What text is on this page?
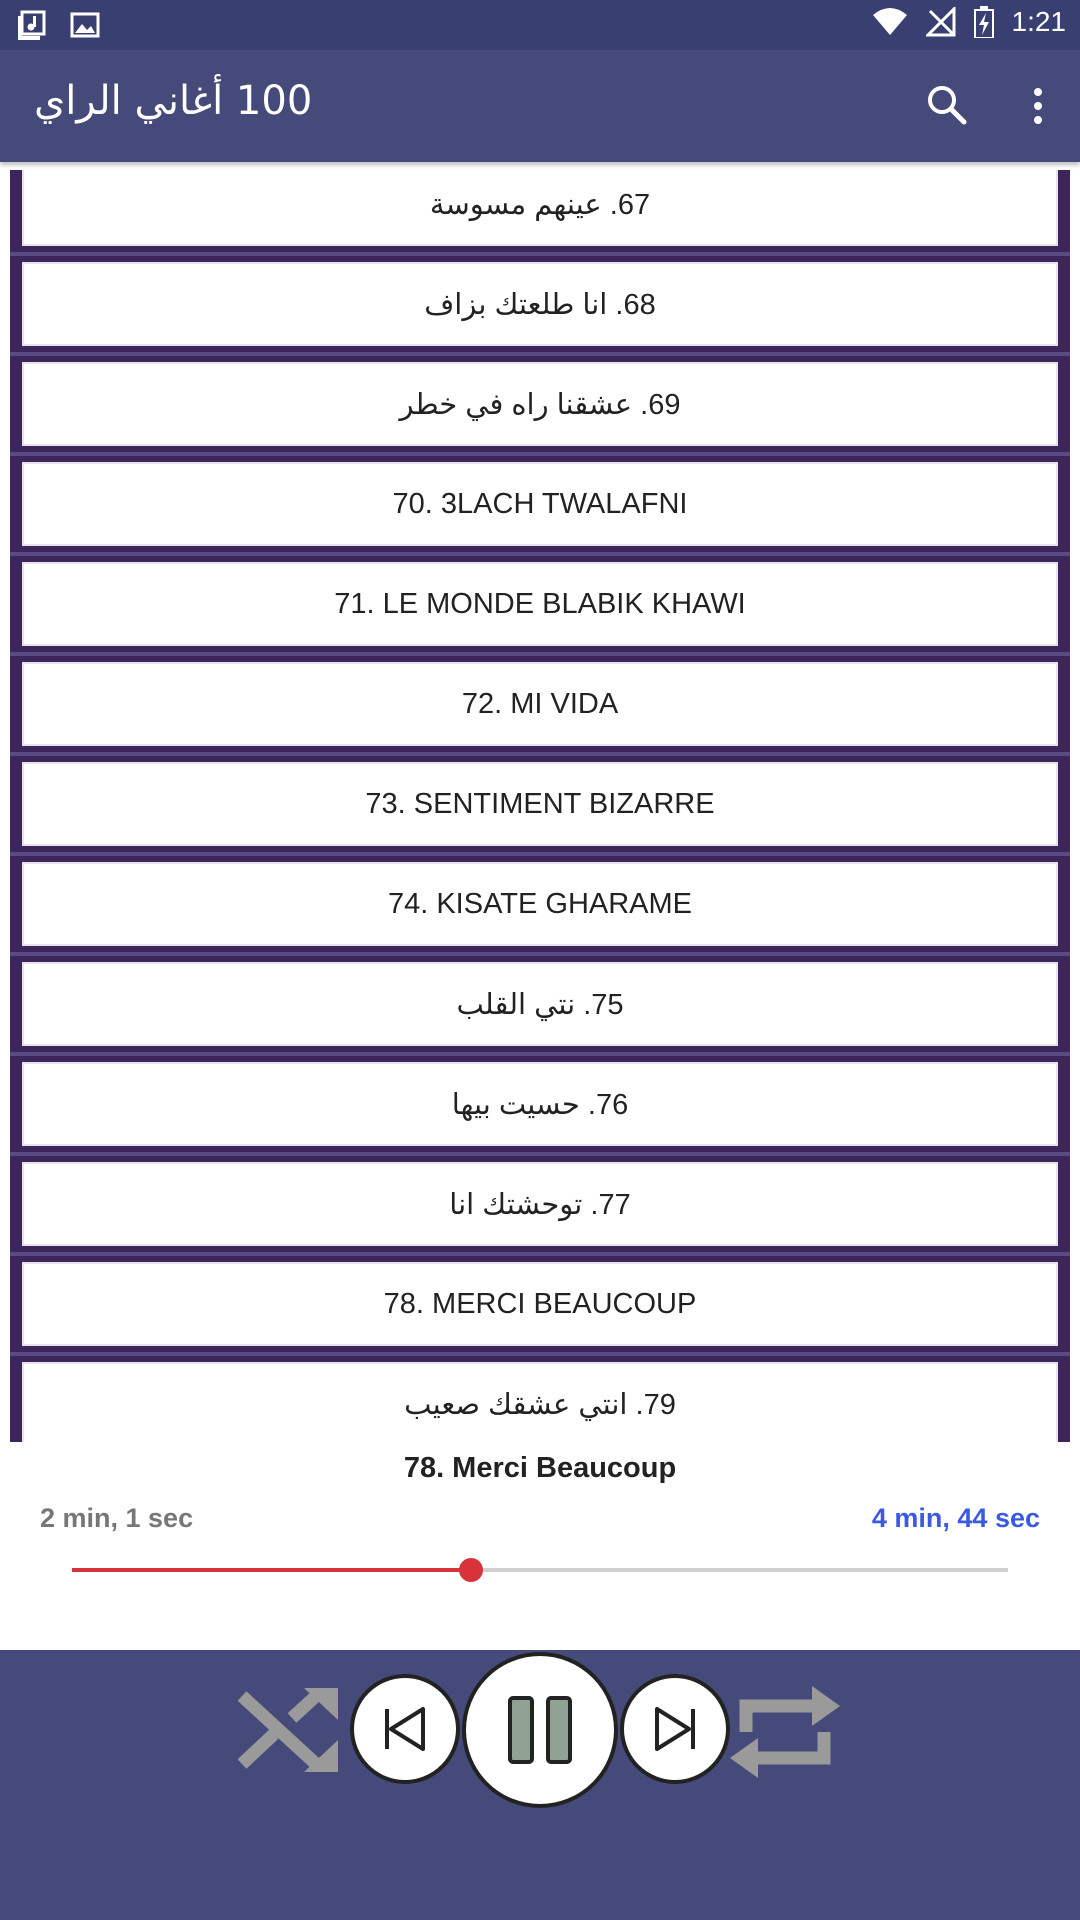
1:21
100 أغاني الراي
67. عينهم مسوسة
68. انا طلعتك بزاف
69. عشقنا راه في خطر
70. 3LACH TWALAFNI
71. LE MONDE BLABIK KHAWI
72. MI VIDA
73. SENTIMENT BIZARRE
74. KISATE GHARAME
75. نتي القلب
76. حسيت بيها
77. توحشتك انا
78. MERCI BEAUCOUP
79. انتي عشقك صعيب
78. Merci Beaucoup
2 min, 1 sec	4 min, 44 sec
